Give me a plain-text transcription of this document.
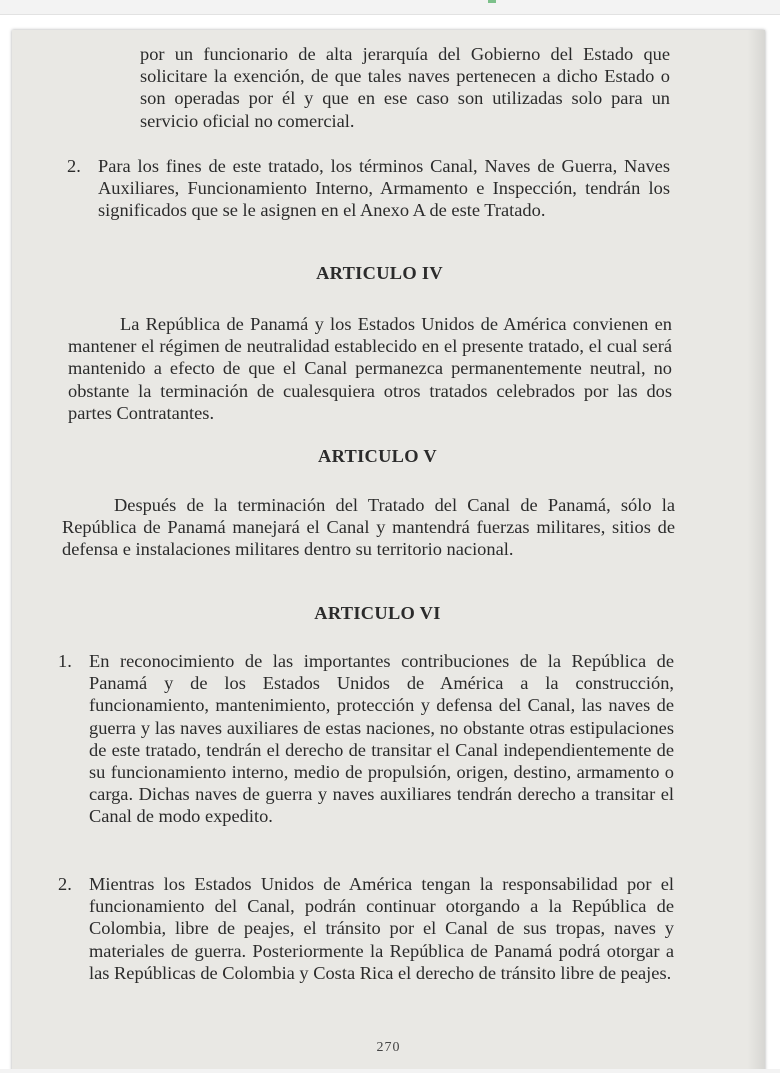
por un funcionario de alta jerarquía del Gobierno del Estado que solicitare la exención, de que tales naves pertenecen a dicho Estado o son operadas por él y que en ese caso son utilizadas solo para un servicio oficial no comercial.

2. Para los fines de este tratado, los términos Canal, Naves de Guerra, Naves Auxiliares, Funcionamiento Interno, Armamento e Inspección, tendrán los significados que se le asignen en el Anexo A de este Tratado.

ARTICULO IV

La República de Panamá y los Estados Unidos de América convienen en mantener el régimen de neutralidad establecido en el presente tratado, el cual será mantenido a efecto de que el Canal permanezca permanentemente neutral, no obstante la terminación de cualesquiera otros tratados celebrados por las dos partes Contratantes.

ARTICULO V

Después de la terminación del Tratado del Canal de Panamá, sólo la República de Panamá manejará el Canal y mantendrá fuerzas militares, sitios de defensa e instalaciones militares dentro su territorio nacional.

ARTICULO VI

1. En reconocimiento de las importantes contribuciones de la República de Panamá y de los Estados Unidos de América a la construcción, funcionamiento, mantenimiento, protección y defensa del Canal, las naves de guerra y las naves auxiliares de estas naciones, no obstante otras estipulaciones de este tratado, tendrán el derecho de transitar el Canal independientemente de su funcionamiento interno, medio de propulsión, origen, destino, armamento o carga. Dichas naves de guerra y naves auxiliares tendrán derecho a transitar el Canal de modo expedito.

2. Mientras los Estados Unidos de América tengan la responsabilidad por el funcionamiento del Canal, podrán continuar otorgando a la República de Colombia, libre de peajes, el tránsito por el Canal de sus tropas, naves y materiales de guerra. Posteriormente la República de Panamá podrá otorgar a las Repúblicas de Colombia y Costa Rica el derecho de tránsito libre de peajes.

270
